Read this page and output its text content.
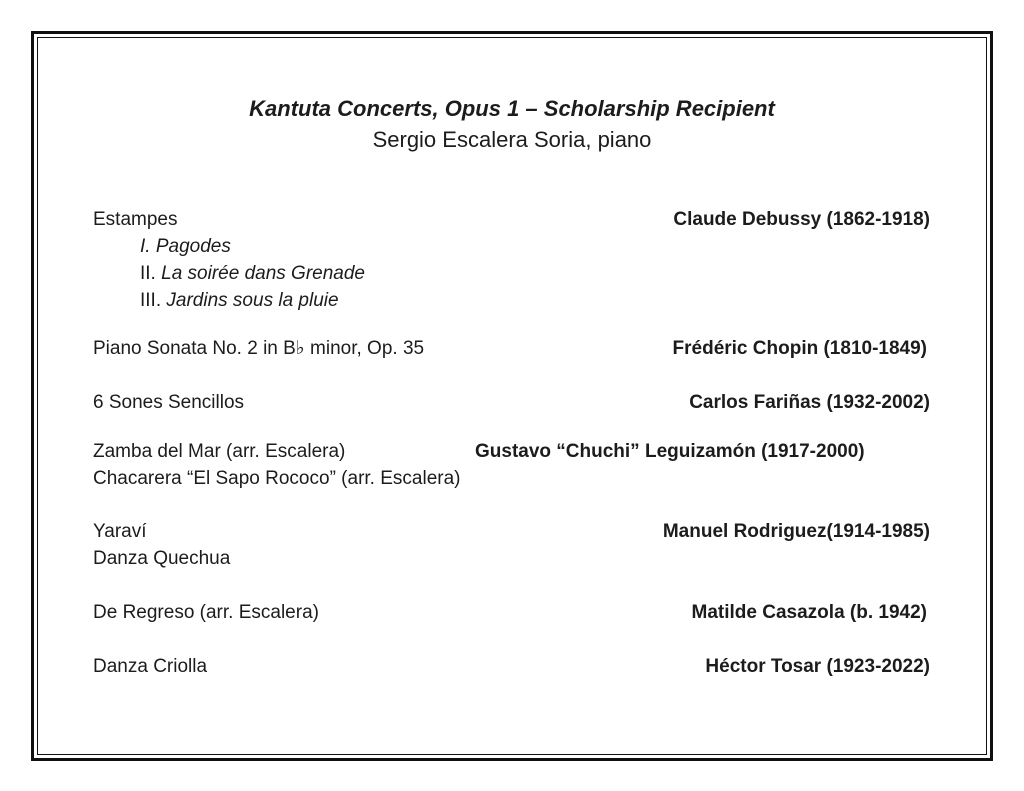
Kantuta Concerts, Opus 1 – Scholarship Recipient
Sergio Escalera Soria, piano
Estampes	Claude Debussy (1862-1918)
I. Pagodes
II. La soirée dans Grenade
III. Jardins sous la pluie
Piano Sonata No. 2 in B♭ minor, Op. 35	Frédéric Chopin (1810-1849)
6 Sones Sencillos	Carlos Fariñas (1932-2002)
Zamba del Mar (arr. Escalera)	Gustavo “Chuchi” Leguizamón (1917-2000)
Chacarera “El Sapo Rococo” (arr. Escalera)
Yaraví	Manuel Rodriguez(1914-1985)
Danza Quechua
De Regreso (arr. Escalera)	Matilde Casazola (b. 1942)
Danza Criolla	Héctor Tosar (1923-2022)
